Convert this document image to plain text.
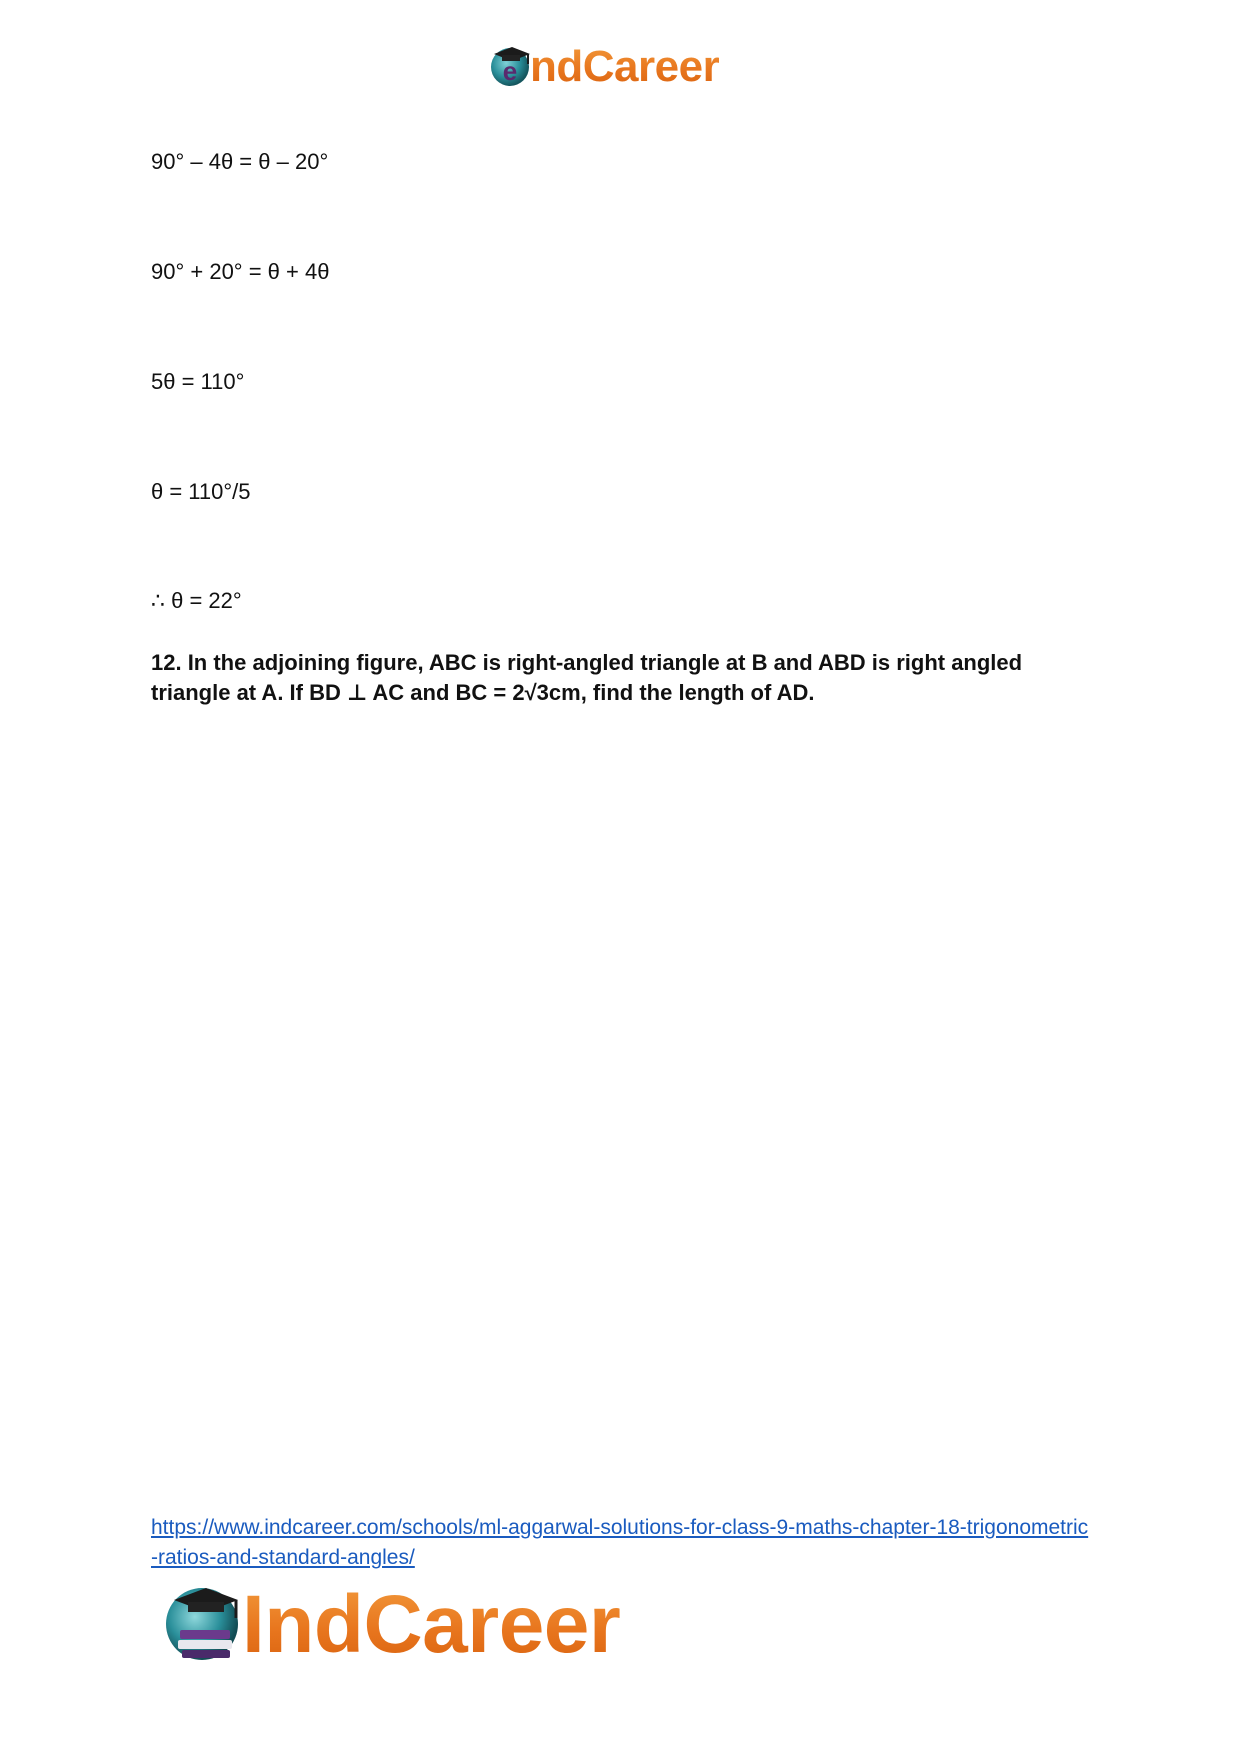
e ndCareer
90° – 4θ = θ – 20°
90° + 20° = θ + 4θ
5θ = 110°
θ = 110°/5
∴ θ = 22°
12. In the adjoining figure, ABC is right-angled triangle at B and ABD is right angled triangle at A. If BD ⊥ AC and BC = 2√3cm, find the length of AD.
https://www.indcareer.com/schools/ml-aggarwal-solutions-for-class-9-maths-chapter-18-trigonometric-ratios-and-standard-angles/
IndCareer
